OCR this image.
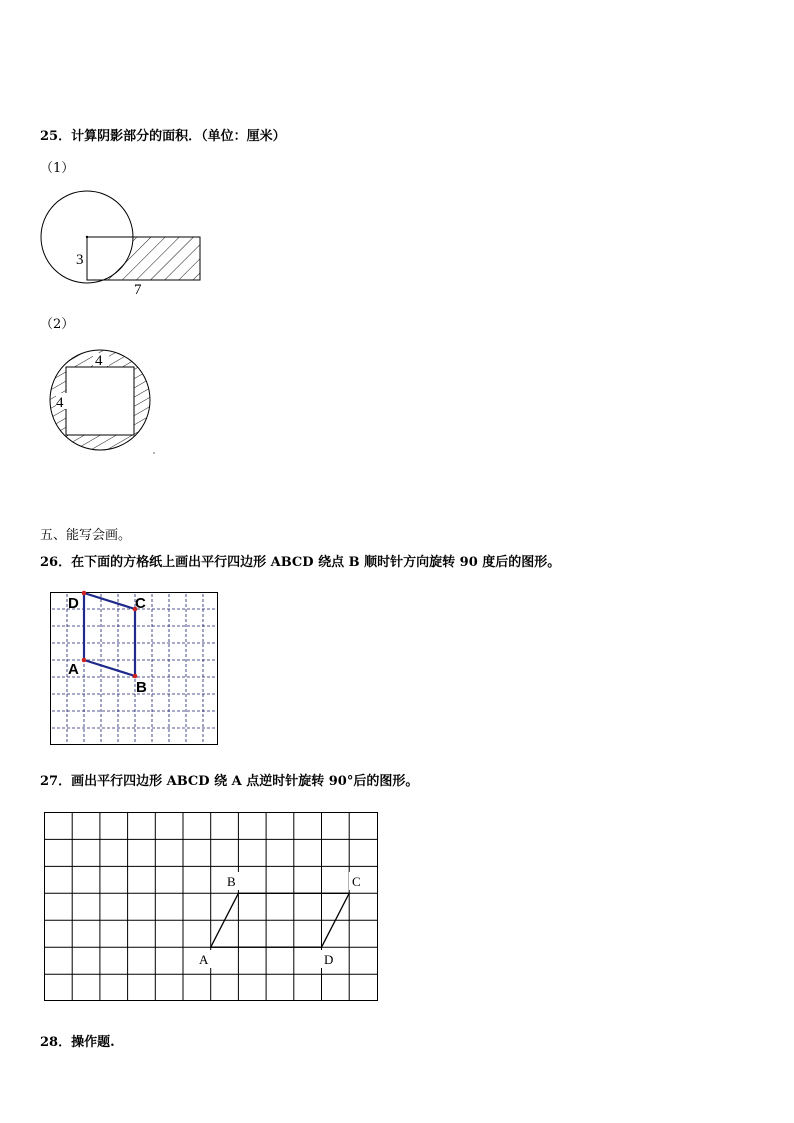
25．计算阴影部分的面积．（单位：厘米）
（1）
3
7
（2）
4
4
五、能写会画。
26．在下面的方格纸上画出平行四边形 ABCD 绕点 B 顺时针方向旋转 90 度后的图形。
D	C
A
B
27．画出平行四边形 ABCD 绕 A 点逆时针旋转 90°后的图形。
B	C
A	D
28．操作题.
